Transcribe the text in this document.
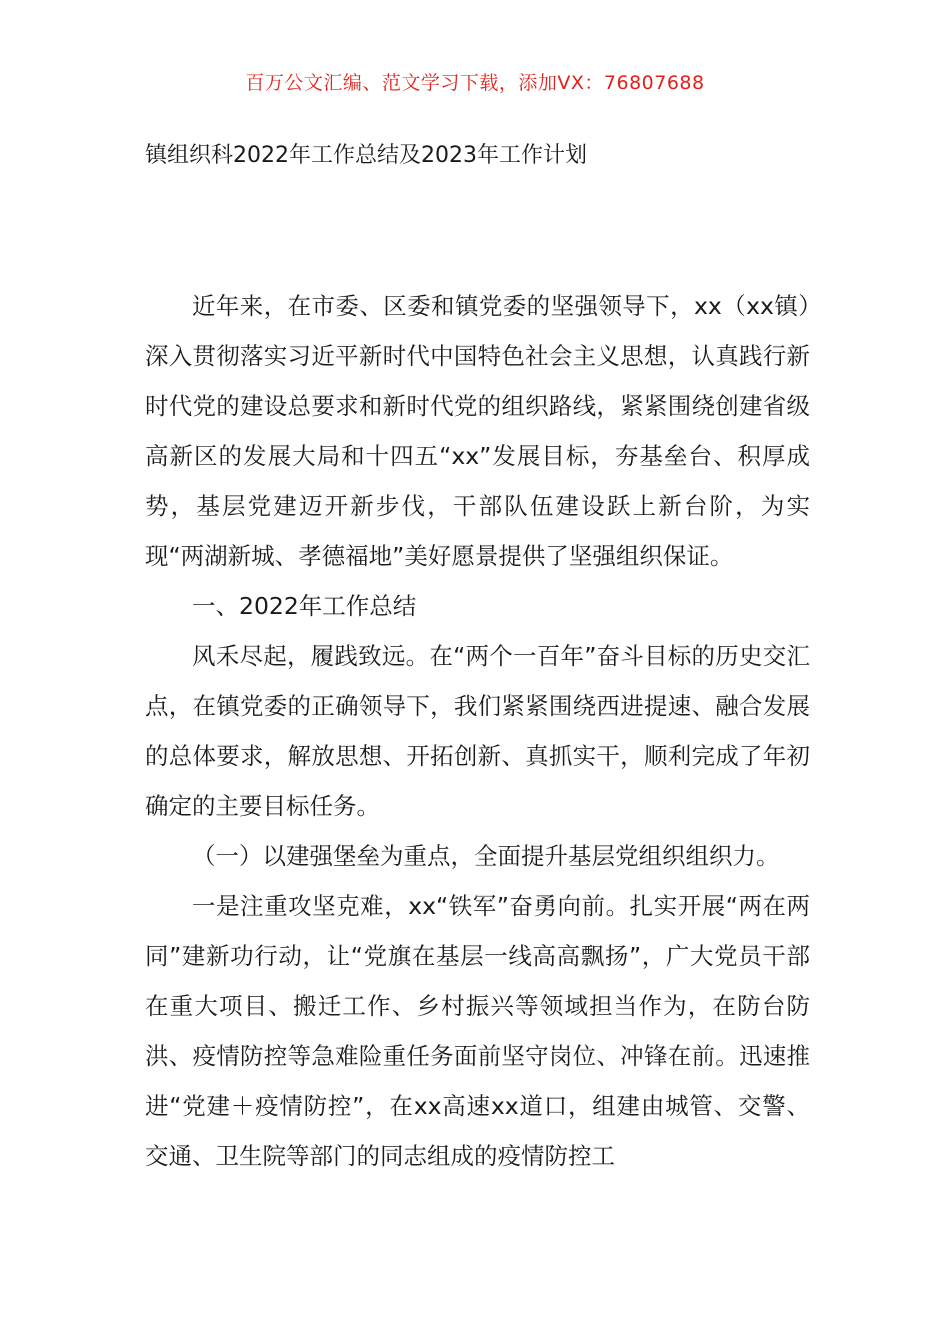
百万公文汇编、范文学习下载，添加VX：76807688
镇组织科2022年工作总结及2023年工作计划

近年来，在市委、区委和镇党委的坚强领导下，xx（xx镇）深入贯彻落实习近平新时代中国特色社会主义思想，认真践行新时代党的建设总要求和新时代党的组织路线，紧紧围绕创建省级高新区的发展大局和十四五“xx”发展目标，夯基垒台、积厚成势，基层党建迈开新步伐，干部队伍建设跃上新台阶，为实现“两湖新城、孝德福地”美好愿景提供了坚强组织保证。

一、2022年工作总结

风禾尽起，履践致远。在“两个一百年”奋斗目标的历史交汇点，在镇党委的正确领导下，我们紧紧围绕西进提速、融合发展的总体要求，解放思想、开拓创新、真抓实干，顺利完成了年初确定的主要目标任务。

（一）以建强堡垒为重点，全面提升基层党组织组织力。

一是注重攻坚克难，xx“铁军”奋勇向前。扎实开展“两在两同”建新功行动，让“党旗在基层一线高高飘扬”，广大党员干部在重大项目、搬迁工作、乡村振兴等领域担当作为，在防台防洪、疫情防控等急难险重任务面前坚守岗位、冲锋在前。迅速推进“党建＋疫情防控”，在xx高速xx道口，组建由城管、交警、交通、卫生院等部门的同志组成的疫情防控工
